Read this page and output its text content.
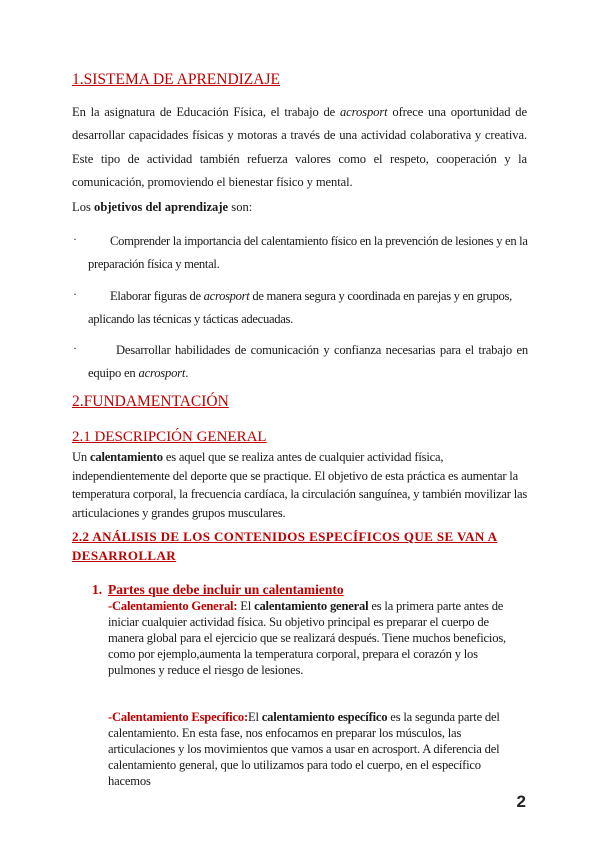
1.SISTEMA DE APRENDIZAJE

En la asignatura de Educación Física, el trabajo de acrosport ofrece una oportunidad de desarrollar capacidades físicas y motoras a través de una actividad colaborativa y creativa. Este tipo de actividad también refuerza valores como el respeto, cooperación y la comunicación, promoviendo el bienestar físico y mental.

Los objetivos del aprendizaje son:

·	Comprender la importancia del calentamiento físico en la prevención de lesiones y en la preparación física y mental.

·	Elaborar figuras de acrosport de manera segura y coordinada en parejas y en grupos, aplicando las técnicas y tácticas adecuadas.

·	Desarrollar habilidades de comunicación y confianza necesarias para el trabajo en equipo en acrosport.

2.FUNDAMENTACIÓN
2.1 DESCRIPCIÓN GENERAL

Un calentamiento es aquel que se realiza antes de cualquier actividad física, independientemente del deporte que se practique. El objetivo de esta práctica es aumentar la temperatura corporal, la frecuencia cardíaca, la circulación sanguínea, y también movilizar las articulaciones y grandes grupos musculares.

2.2 ANÁLISIS DE LOS CONTENIDOS ESPECÍFICOS QUE SE VAN A DESARROLLAR
1. Partes que debe incluir un calentamiento

-Calentamiento General: El calentamiento general es la primera parte antes de iniciar cualquier actividad física. Su objetivo principal es preparar el cuerpo de manera global para el ejercicio que se realizará después. Tiene muchos beneficios, como por ejemplo,aumenta la temperatura corporal, prepara el corazón y los pulmones y reduce el riesgo de lesiones.

-Calentamiento Específico:El calentamiento específico es la segunda parte del calentamiento. En esta fase, nos enfocamos en preparar los músculos, las articulaciones y los movimientos que vamos a usar en acrosport. A diferencia del calentamiento general, que lo utilizamos para todo el cuerpo, en el específico hacemos

2
